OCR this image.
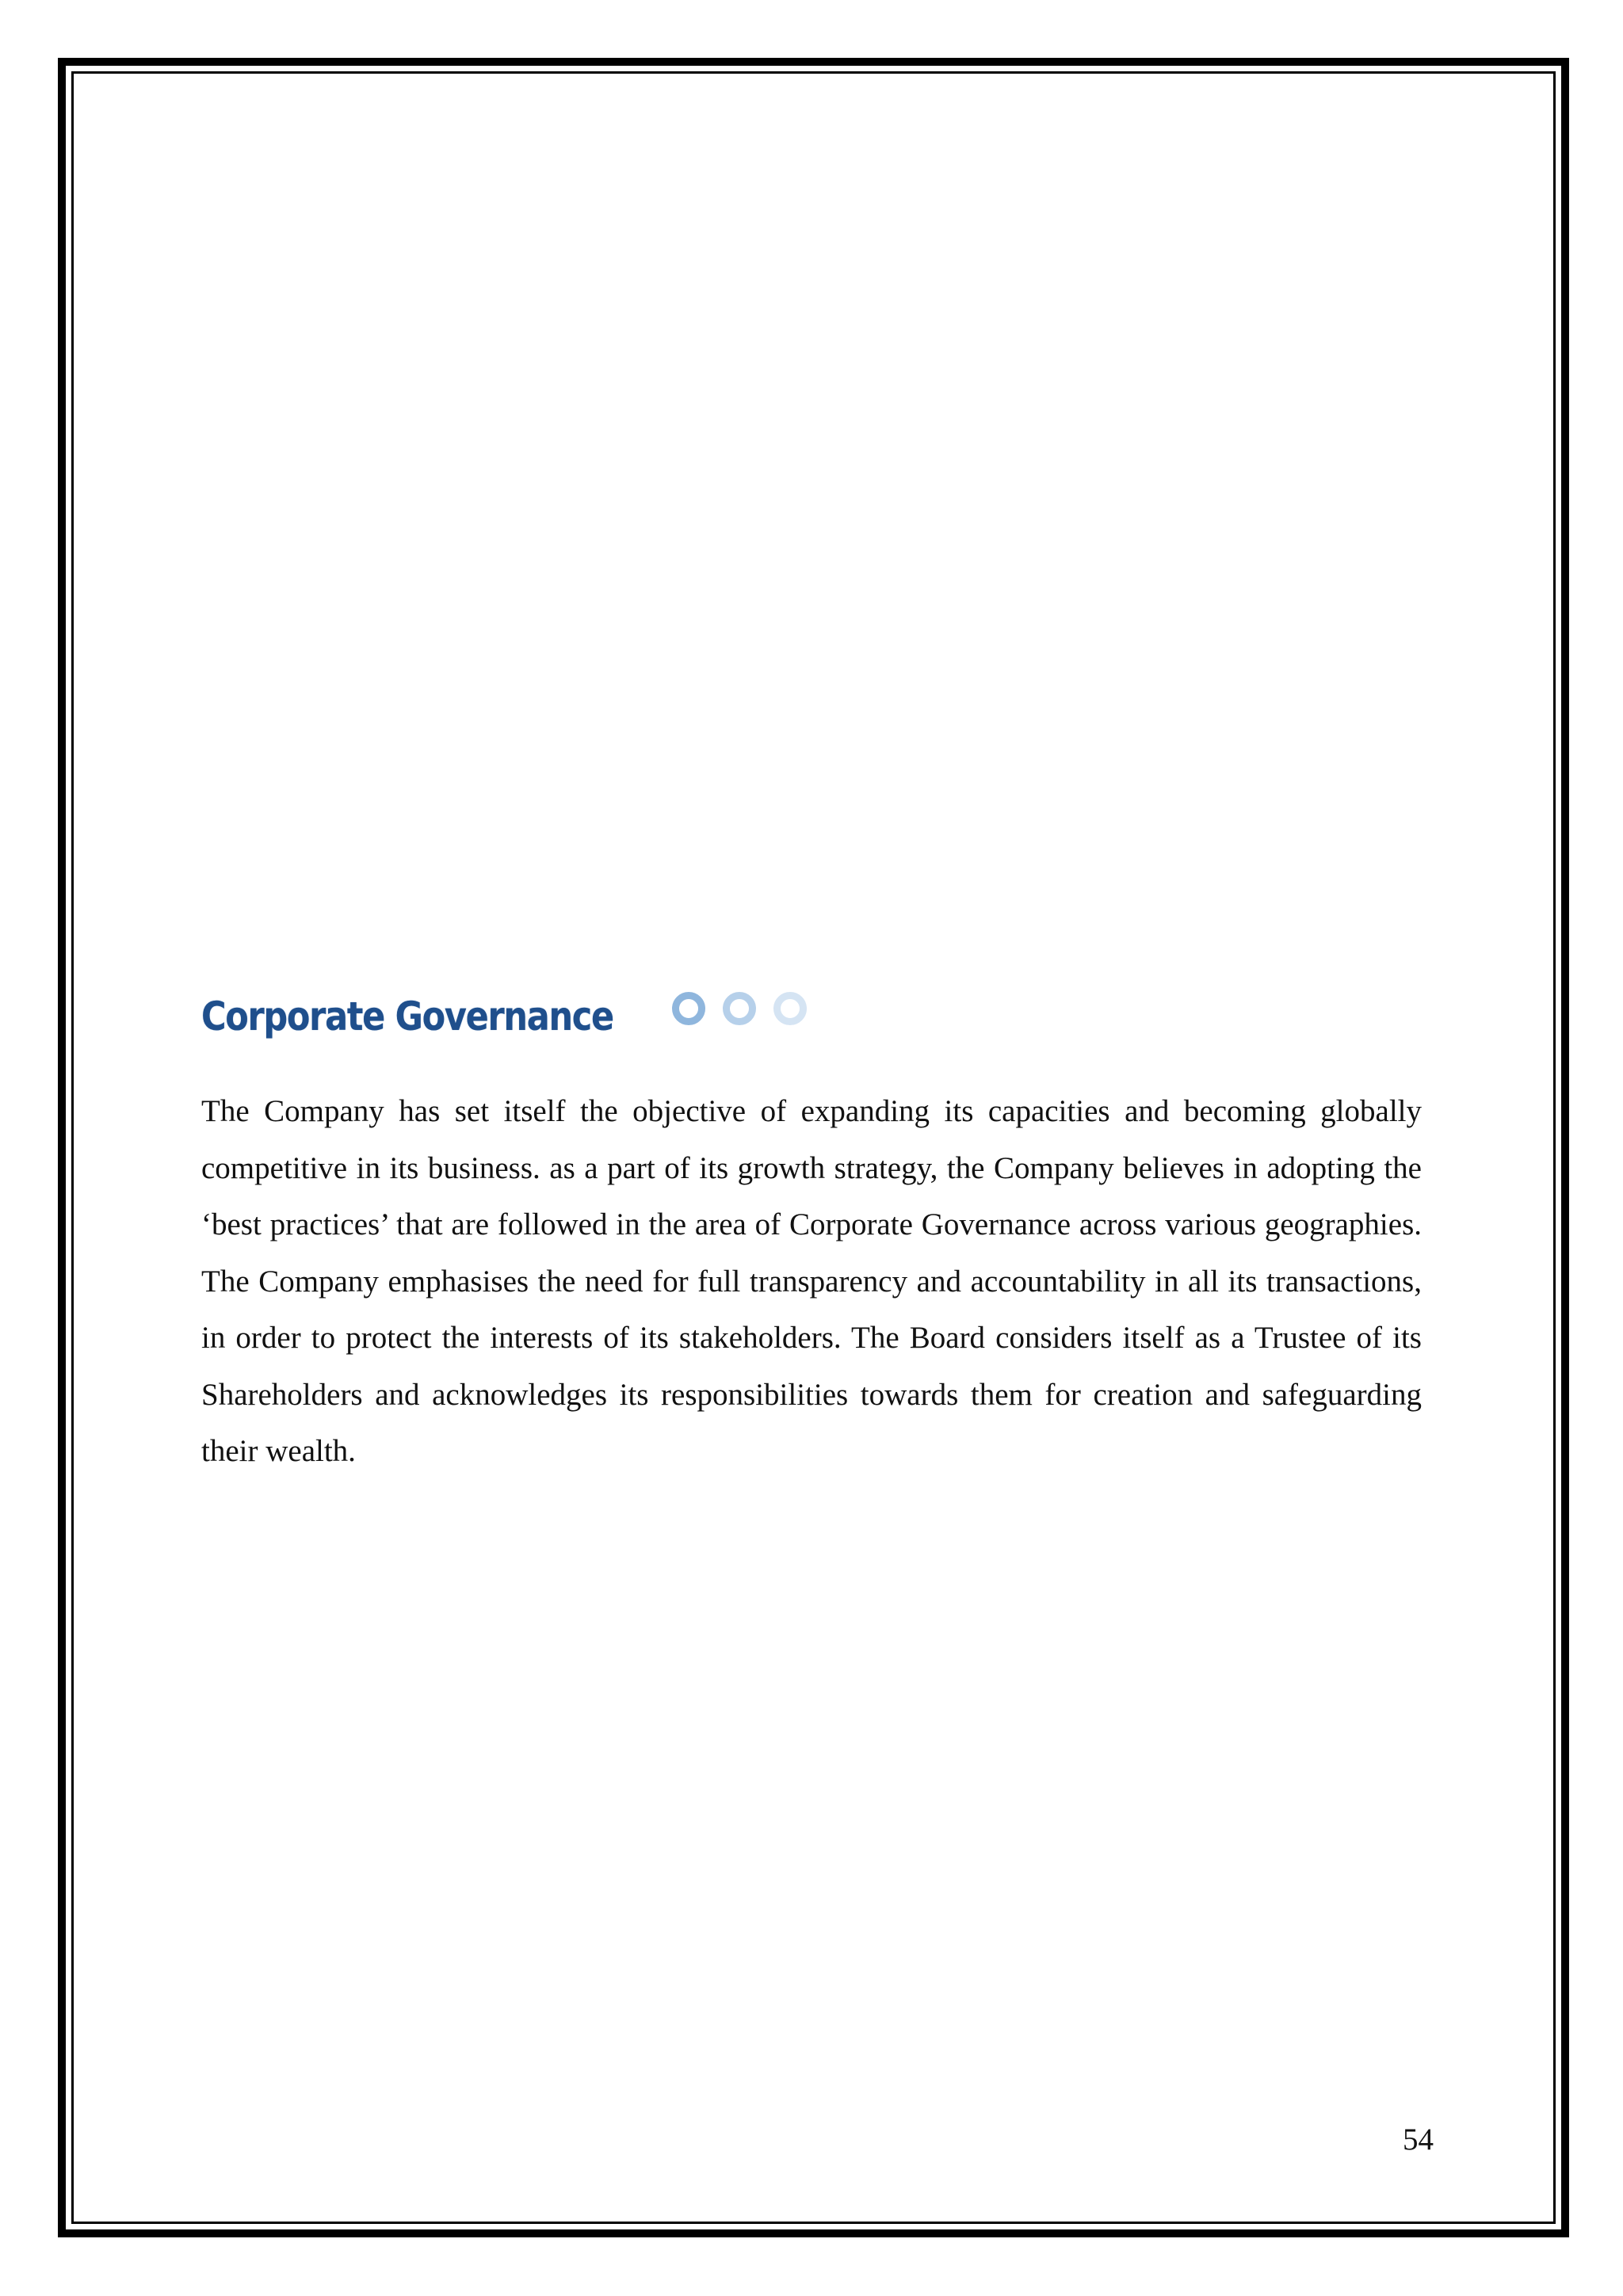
Corporate Governance

The Company has set itself the objective of expanding its capacities and becoming globally competitive in its business. as a part of its growth strategy, the Company believes in adopting the ‘best practices’ that are followed in the area of Corporate Governance across various geographies. The Company emphasises the need for full transparency and accountability in all its transactions, in order to protect the interests of its stakeholders. The Board considers itself as a Trustee of its Shareholders and acknowledges its responsibilities towards them for creation and safeguarding their wealth.

54
